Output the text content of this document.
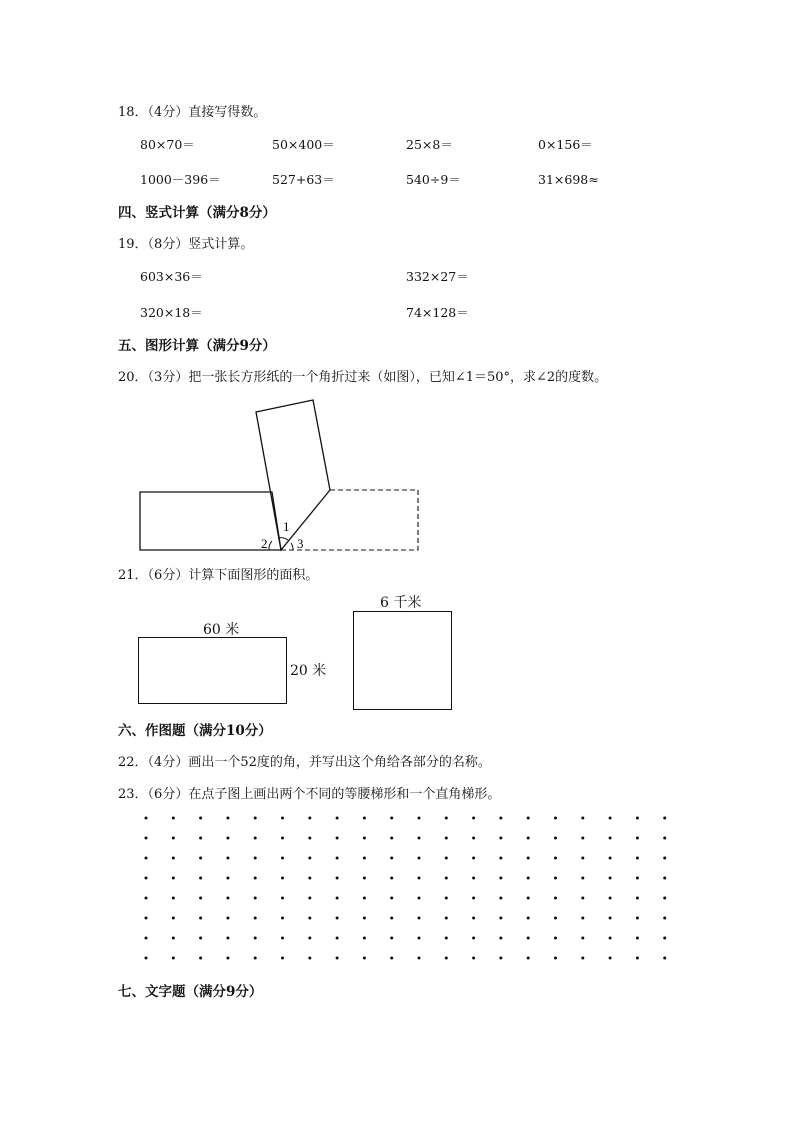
18．（4分）直接写得数。
80×70＝	50×400＝	25×8＝	0×156＝
1000－396＝	527+63＝	540÷9＝	31×698≈
四、竖式计算（满分8分）
19．（8分）竖式计算。
603×36＝	332×27＝
320×18＝	74×128＝
五、图形计算（满分9分）
20．（3分）把一张长方形纸的一个角折过来（如图），已知∠1＝50°，求∠2的度数。
1
2 3
21．（6分）计算下面图形的面积。
60 米
20 米
6 千米
六、作图题（满分10分）
22．（4分）画出一个52度的角，并写出这个角给各部分的名称。
23．（6分）在点子图上画出两个不同的等腰梯形和一个直角梯形。
七、文字题（满分9分）
